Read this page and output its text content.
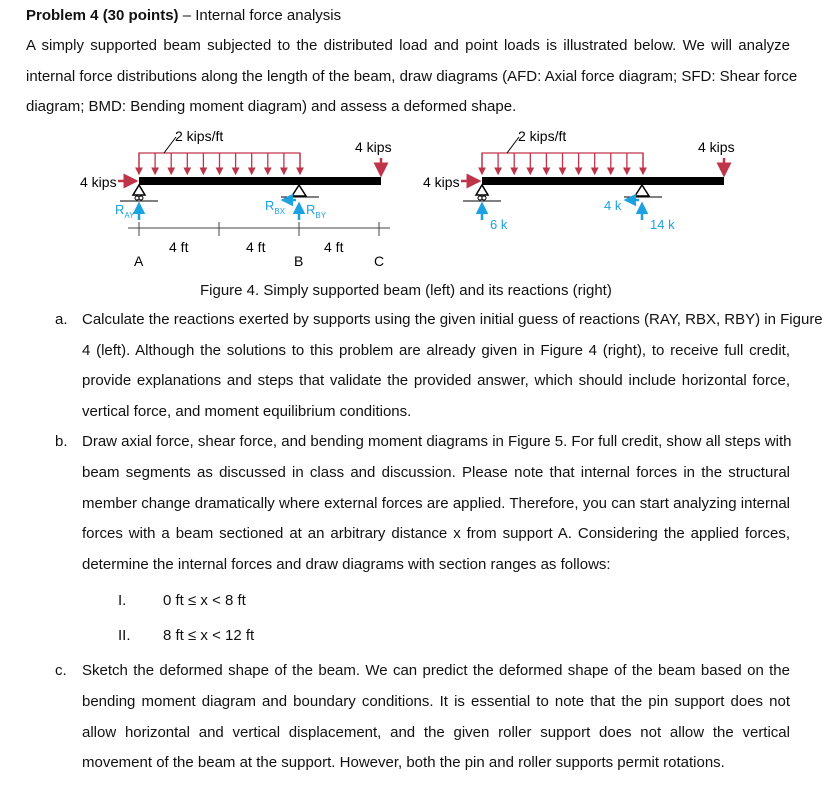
Problem 4 (30 points) – Internal force analysis
A simply supported beam subjected to the distributed load and point loads is illustrated below. We will analyze
internal force distributions along the length of the beam, draw diagrams (AFD: Axial force diagram; SFD: Shear force
diagram; BMD: Bending moment diagram) and assess a deformed shape.
2 kips/ft
4 kips
4 kips
$R_{AY}$
$R_{BX}$ $R_{BY}$
4 ft	4 ft	4 ft
A	B	C
2 kips/ft
4 kips
4 kips
6 k
4 k
14 k
Figure 4. Simply supported beam (left) and its reactions (right)
a. Calculate the reactions exerted by supports using the given initial guess of reactions (RAY, RBX, RBY) in Figure
4 (left). Although the solutions to this problem are already given in Figure 4 (right), to receive full credit,
provide explanations and steps that validate the provided answer, which should include horizontal force,
vertical force, and moment equilibrium conditions.
b. Draw axial force, shear force, and bending moment diagrams in Figure 5. For full credit, show all steps with
beam segments as discussed in class and discussion. Please note that internal forces in the structural
member change dramatically where external forces are applied. Therefore, you can start analyzing internal
forces with a beam sectioned at an arbitrary distance x from support A. Considering the applied forces,
determine the internal forces and draw diagrams with section ranges as follows:
I. 0 ft ≤ x < 8 ft
II. 8 ft ≤ x < 12 ft
c. Sketch the deformed shape of the beam. We can predict the deformed shape of the beam based on the
bending moment diagram and boundary conditions. It is essential to note that the pin support does not
allow horizontal and vertical displacement, and the given roller support does not allow the vertical
movement of the beam at the support. However, both the pin and roller supports permit rotations.
